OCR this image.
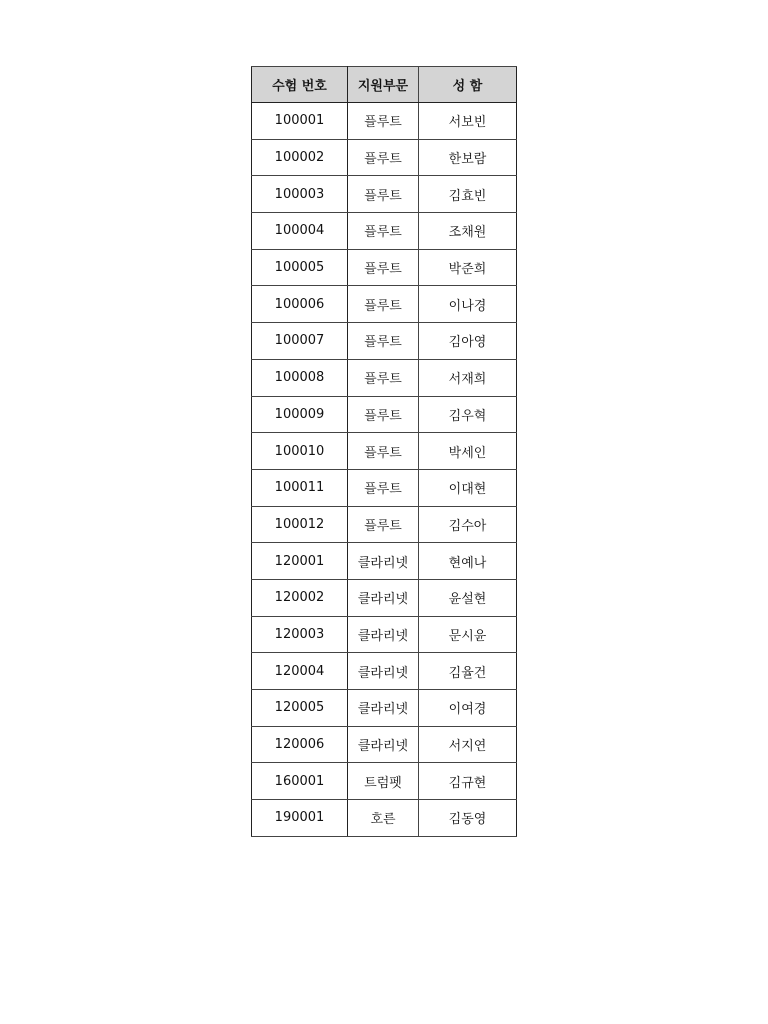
수험 번호	지원부문	성 함
100001	플루트	서보빈
100002	플루트	한보람
100003	플루트	김효빈
100004	플루트	조채원
100005	플루트	박준희
100006	플루트	이나경
100007	플루트	김아영
100008	플루트	서재희
100009	플루트	김우혁
100010	플루트	박세인
100011	플루트	이대현
100012	플루트	김수아
120001	클라리넷	현예나
120002	클라리넷	윤설현
120003	클라리넷	문시윤
120004	클라리넷	김율건
120005	클라리넷	이여경
120006	클라리넷	서지연
160001	트럼펫	김규현
190001	호른	김동영
